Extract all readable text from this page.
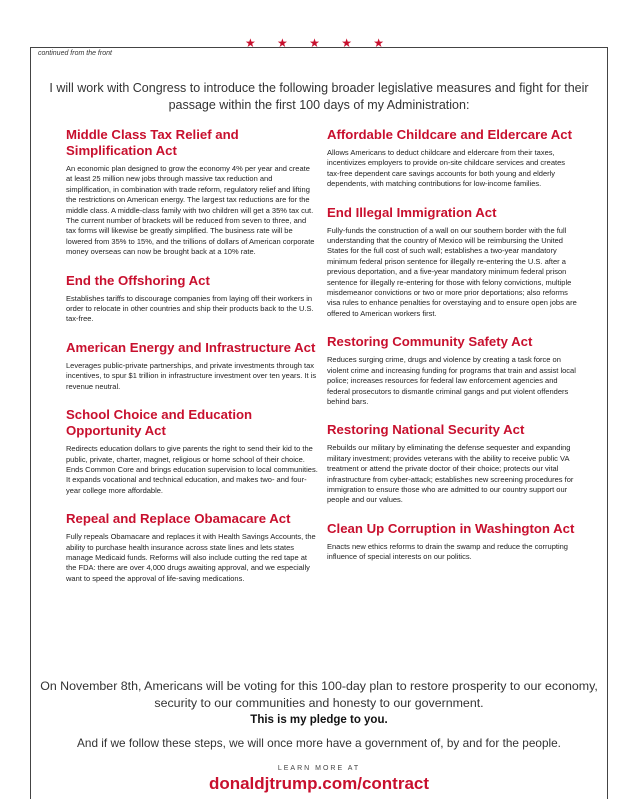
★ ★ ★ ★ ★
continued from the front
I will work with Congress to introduce the following broader legislative measures and fight for their passage within the first 100 days of my Administration:
Middle Class Tax Relief and Simplification Act

An economic plan designed to grow the economy 4% per year and create at least 25 million new jobs through massive tax reduction and simplification, in combination with trade reform, regulatory relief and lifting the restrictions on American energy. The largest tax reductions are for the middle class. A middle-class family with two children will get a 35% tax cut. The current number of brackets will be reduced from seven to three, and tax forms will likewise be greatly simplified. The business rate will be lowered from 35% to 15%, and the trillions of dollars of American corporate money overseas can now be brought back at a 10% rate.

End the Offshoring Act

Establishes tariffs to discourage companies from laying off their workers in order to relocate in other countries and ship their products back to the U.S. tax-free.

American Energy and Infrastructure Act

Leverages public-private partnerships, and private investments through tax incentives, to spur $1 trillion in infrastructure investment over ten years. It is revenue neutral.

School Choice and Education Opportunity Act

Redirects education dollars to give parents the right to send their kid to the public, private, charter, magnet, religious or home school of their choice. Ends Common Core and brings education supervision to local communities. It expands vocational and technical education, and makes two- and four-year college more affordable.

Repeal and Replace Obamacare Act

Fully repeals Obamacare and replaces it with Health Savings Accounts, the ability to purchase health insurance across state lines and lets states manage Medicaid funds. Reforms will also include cutting the red tape at the FDA: there are over 4,000 drugs awaiting approval, and we especially want to speed the approval of life-saving medications.

Affordable Childcare and Eldercare Act

Allows Americans to deduct childcare and eldercare from their taxes, incentivizes employers to provide on-site childcare services and creates tax-free dependent care savings accounts for both young and elderly dependents, with matching contributions for low-income families.

End Illegal Immigration Act

Fully-funds the construction of a wall on our southern border with the full understanding that the country of Mexico will be reimbursing the United States for the full cost of such wall; establishes a two-year mandatory minimum federal prison sentence for illegally re-entering the U.S. after a previous deportation, and a five-year mandatory minimum federal prison sentence for illegally re-entering for those with felony convictions, multiple misdemeanor convictions or two or more prior deportations; also reforms visa rules to enhance penalties for overstaying and to ensure open jobs are offered to American workers first.

Restoring Community Safety Act

Reduces surging crime, drugs and violence by creating a task force on violent crime and increasing funding for programs that train and assist local police; increases resources for federal law enforcement agencies and federal prosecutors to dismantle criminal gangs and put violent offenders behind bars.

Restoring National Security Act

Rebuilds our military by eliminating the defense sequester and expanding military investment; provides veterans with the ability to receive public VA treatment or attend the private doctor of their choice; protects our vital infrastructure from cyber-attack; establishes new screening procedures for immigration to ensure those who are admitted to our country support our people and our values.

Clean Up Corruption in Washington Act

Enacts new ethics reforms to drain the swamp and reduce the corrupting influence of special interests on our politics.

On November 8th, Americans will be voting for this 100-day plan to restore prosperity to our economy, security to our communities and honesty to our government.
This is my pledge to you.
And if we follow these steps, we will once more have a government of, by and for the people.
LEARN MORE AT
donaldjtrump.com/contract
